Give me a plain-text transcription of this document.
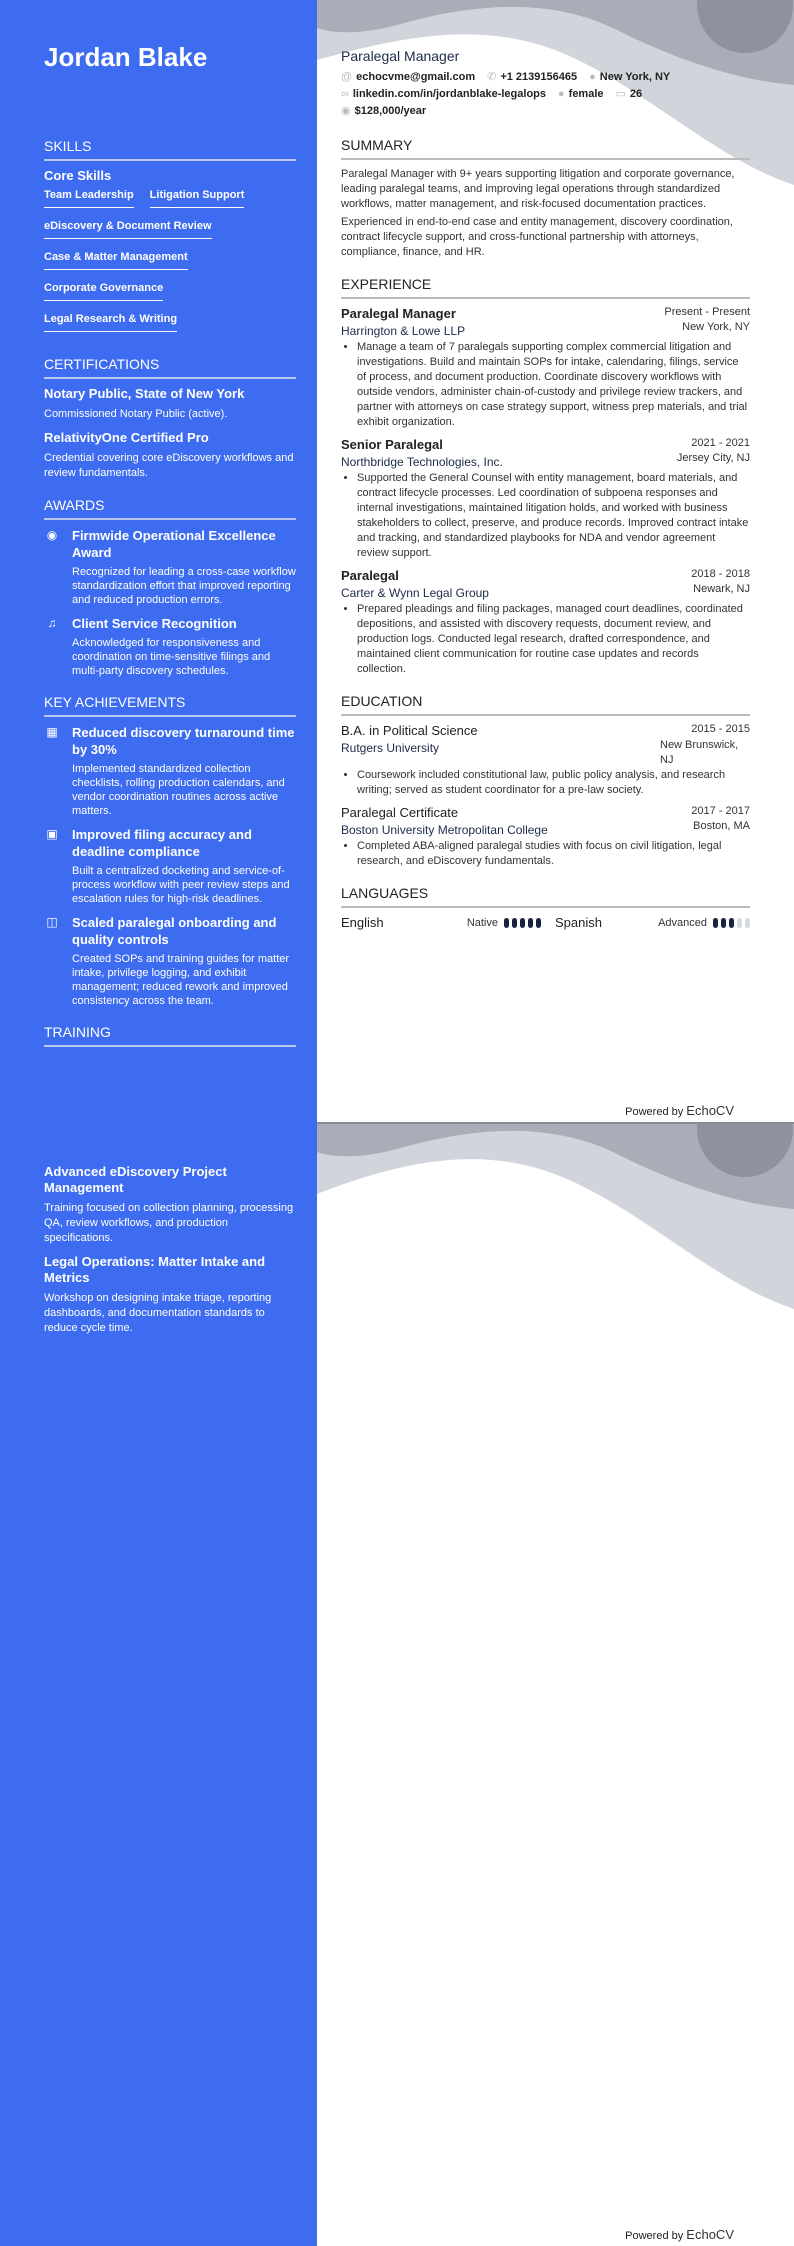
Jordan Blake
SKILLS
Core Skills
Team Leadership Litigation Support
eDiscovery & Document Review
Case & Matter Management
Corporate Governance
Legal Research & Writing
CERTIFICATIONS
Notary Public, State of New York
Commissioned Notary Public (active).
RelativityOne Certified Pro
Credential covering core eDiscovery workflows and review fundamentals.
AWARDS
◉ Firmwide Operational Excellence Award
Recognized for leading a cross-case workflow standardization effort that improved reporting and reduced production errors.
♫ Client Service Recognition
Acknowledged for responsiveness and coordination on time-sensitive filings and multi-party discovery schedules.
KEY ACHIEVEMENTS
▦ Reduced discovery turnaround time by 30%
Implemented standardized collection checklists, rolling production calendars, and vendor coordination routines across active matters.
▣ Improved filing accuracy and deadline compliance
Built a centralized docketing and service-of-process workflow with peer review steps and escalation rules for high-risk deadlines.
◫ Scaled paralegal onboarding and quality controls
Created SOPs and training guides for matter intake, privilege logging, and exhibit management; reduced rework and improved consistency across the team.
TRAINING
Advanced eDiscovery Project Management
Training focused on collection planning, processing QA, review workflows, and production specifications.
Legal Operations: Matter Intake and Metrics
Workshop on designing intake triage, reporting dashboards, and documentation standards to reduce cycle time.
Paralegal Manager
@ echocvme@gmail.com ✆ +1 2139156465 ● New York, NY
∞ linkedin.com/in/jordanblake-legalops ● female ▭ 26
◉ $128,000/year
SUMMARY

Paralegal Manager with 9+ years supporting litigation and corporate governance, leading paralegal teams, and improving legal operations through standardized workflows, matter management, and risk-focused documentation practices.

Experienced in end-to-end case and entity management, discovery coordination, contract lifecycle support, and cross-functional partnership with attorneys, compliance, finance, and HR.

EXPERIENCE
Paralegal Manager	Present - Present
Harrington & Lowe LLP	New York, NY
• Manage a team of 7 paralegals supporting complex commercial litigation and investigations. Build and maintain SOPs for intake, calendaring, filings, service of process, and document production. Coordinate discovery workflows with outside vendors, administer chain-of-custody and privilege review trackers, and partner with attorneys on case strategy support, witness prep materials, and trial exhibit organization.
Senior Paralegal	2021 - 2021
Northbridge Technologies, Inc.	Jersey City, NJ
• Supported the General Counsel with entity management, board materials, and contract lifecycle processes. Led coordination of subpoena responses and internal investigations, maintained litigation holds, and worked with business stakeholders to collect, preserve, and produce records. Improved contract intake and tracking, and standardized playbooks for NDA and vendor agreement review support.
Paralegal	2018 - 2018
Carter & Wynn Legal Group	Newark, NJ
• Prepared pleadings and filing packages, managed court deadlines, coordinated depositions, and assisted with discovery requests, document review, and production logs. Conducted legal research, drafted correspondence, and maintained client communication for routine case updates and records collection.
EDUCATION
B.A. in Political Science	2015 - 2015
Rutgers University	New Brunswick, NJ
• Coursework included constitutional law, public policy analysis, and research writing; served as student coordinator for a pre-law society.
Paralegal Certificate	2017 - 2017
Boston University Metropolitan College	Boston, MA
• Completed ABA-aligned paralegal studies with focus on civil litigation, legal research, and eDiscovery fundamentals.
LANGUAGES
English	Native	Spanish	Advanced
Powered by EchoCV
Powered by EchoCV
